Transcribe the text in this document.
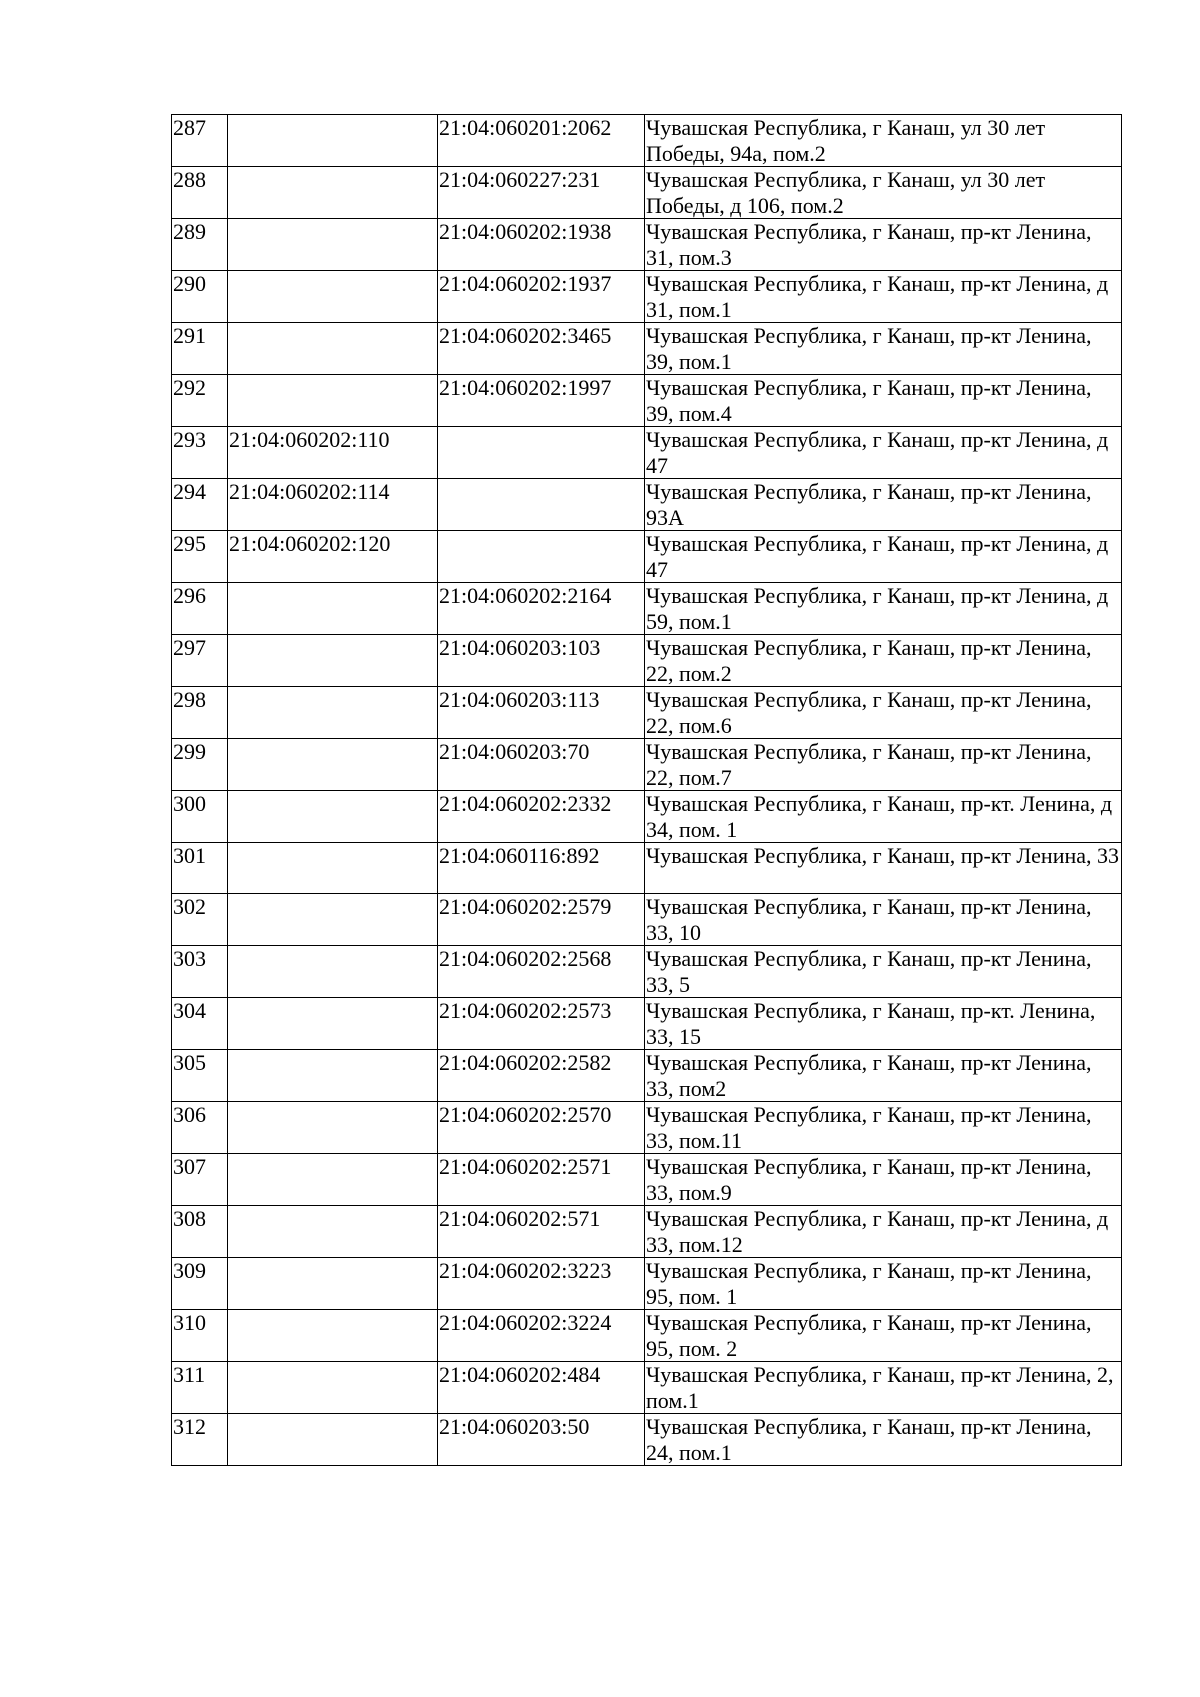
287		21:04:060201:2062	Чувашская Республика, г Канаш, ул 30 лет Победы, 94а, пом.2
288		21:04:060227:231	Чувашская Республика, г Канаш, ул 30 лет Победы, д 106, пом.2
289		21:04:060202:1938	Чувашская Республика, г Канаш, пр-кт Ленина, 31, пом.3
290		21:04:060202:1937	Чувашская Республика, г Канаш, пр-кт Ленина, д 31, пом.1
291		21:04:060202:3465	Чувашская Республика, г Канаш, пр-кт Ленина, 39, пом.1
292		21:04:060202:1997	Чувашская Республика, г Канаш, пр-кт Ленина, 39, пом.4
293	21:04:060202:110		Чувашская Республика, г Канаш, пр-кт Ленина, д 47
294	21:04:060202:114		Чувашская Республика, г Канаш, пр-кт Ленина, 93А
295	21:04:060202:120		Чувашская Республика, г Канаш, пр-кт Ленина, д 47
296		21:04:060202:2164	Чувашская Республика, г Канаш, пр-кт Ленина, д 59, пом.1
297		21:04:060203:103	Чувашская Республика, г Канаш, пр-кт Ленина, 22, пом.2
298		21:04:060203:113	Чувашская Республика, г Канаш, пр-кт Ленина, 22, пом.6
299		21:04:060203:70	Чувашская Республика, г Канаш, пр-кт Ленина, 22, пом.7
300		21:04:060202:2332	Чувашская Республика, г Канаш, пр-кт. Ленина, д 34, пом. 1
301		21:04:060116:892	Чувашская Республика, г Канаш, пр-кт Ленина, 33
302		21:04:060202:2579	Чувашская Республика, г Канаш, пр-кт Ленина, 33, 10
303		21:04:060202:2568	Чувашская Республика, г Канаш, пр-кт Ленина, 33, 5
304		21:04:060202:2573	Чувашская Республика, г Канаш, пр-кт. Ленина, 33, 15
305		21:04:060202:2582	Чувашская Республика, г Канаш, пр-кт Ленина, 33, пом2
306		21:04:060202:2570	Чувашская Республика, г Канаш, пр-кт Ленина, 33, пом.11
307		21:04:060202:2571	Чувашская Республика, г Канаш, пр-кт Ленина, 33, пом.9
308		21:04:060202:571	Чувашская Республика, г Канаш, пр-кт Ленина, д 33, пом.12
309		21:04:060202:3223	Чувашская Республика, г Канаш, пр-кт Ленина, 95, пом. 1
310		21:04:060202:3224	Чувашская Республика, г Канаш, пр-кт Ленина, 95, пом. 2
311		21:04:060202:484	Чувашская Республика, г Канаш, пр-кт Ленина, 2, пом.1
312		21:04:060203:50	Чувашская Республика, г Канаш, пр-кт Ленина, 24, пом.1
